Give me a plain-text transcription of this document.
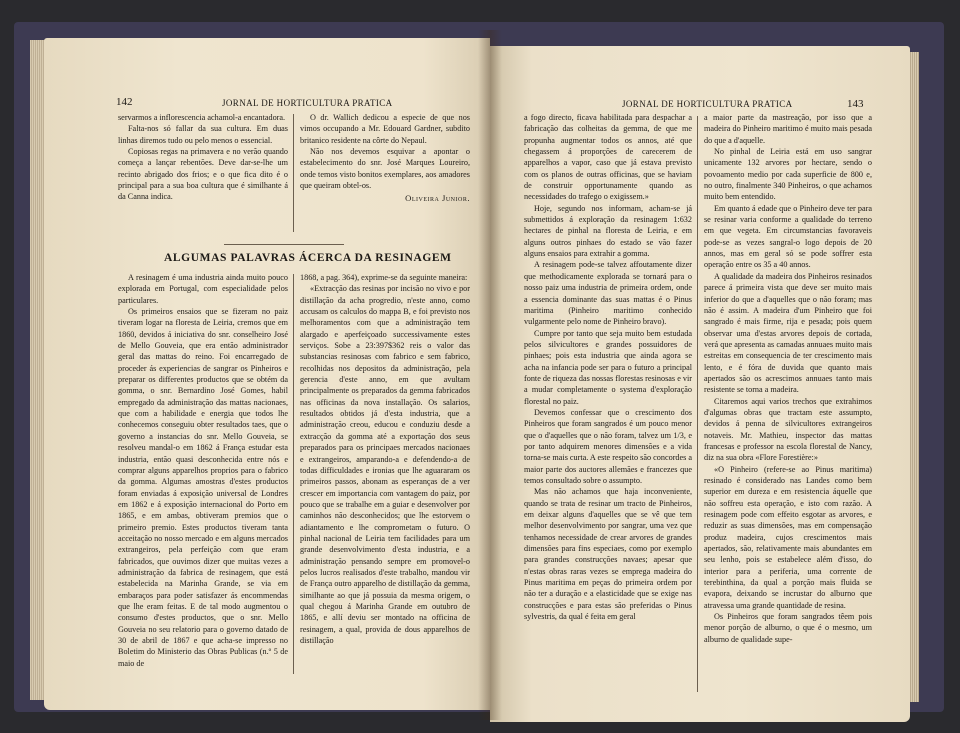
142	JORNAL DE HORTICULTURA PRATICA

servarmos a inflorescencia achamol-a encantadora.

Falta-nos só fallar da sua cultura. Em duas linhas diremos tudo ou pelo menos o essencial.

Copiosas regas na primavera e no verão quando começa a lançar rebentões. Deve dar-se-lhe um recinto abrigado dos frios; e o que fica dito é o principal para a sua boa cultura que é similhante á da Canna indica.

O dr. Wallich dedicou a especie de que nos vimos occupando a Mr. Edouard Gardner, subdito britanico residente na côrte do Nepaul.

Não nos devemos esquivar a apontar o estabelecimento do snr. José Marques Loureiro, onde temos visto bonitos exemplares, aos amadores que queiram obtel-os.

Oliveira Junior.
ALGUMAS PALAVRAS ÁCERCA DA RESINAGEM

A resinagem é uma industria ainda muito pouco explorada em Portugal, com especialidade pelos particulares.

Os primeiros ensaios que se fizeram no paiz tiveram logar na floresta de Leiria, cremos que em 1860, devidos á iniciativa do snr. conselheiro José de Mello Gouveia, que era então administrador geral das mattas do reino. Foi encarregado de proceder ás experiencias de sangrar os Pinheiros e preparar os differentes productos que se obtém da gomma, o snr. Bernardino José Gomes, habil empregado da administração das mattas nacionaes, que com a habilidade e energia que todos lhe conhecemos conseguiu obter resultados taes, que o governo a instancias do snr. Mello Gouveia, se resolveu mandal-o em 1862 á França estudar esta industria, então quasi desconhecida entre nós e comprar alguns apparelhos proprios para o fabrico da gomma. Algumas amostras d'estes productos foram enviadas á exposição universal de Londres em 1862 e á exposição internacional do Porto em 1865, e em ambas, obtiveram premios que o primeiro premio. Estes productos tiveram tanta acceitação no nosso mercado e em alguns mercados extrangeiros, pela perfeição com que eram fabricados, que ouvimos dizer que muitas vezes a administração da fabrica de resinagem, que está estabelecida na Marinha Grande, se via em embaraços para poder satisfazer ás encommendas que lhe eram feitas. E de tal modo augmentou o consumo d'estes productos, que o snr. Mello Gouveia no seu relatorio para o governo datado de 30 de abril de 1867 e que acha-se impresso no Boletim do Ministerio das Obras Publicas (n.º 5 de maio de

1868, a pag. 364), exprime-se da seguinte maneira:

«Extracção das resinas por incisão no vivo e por distillação da acha progredio, n'este anno, como accusam os calculos do mappa B, e foi previsto nos melhoramentos com que a administração tem alargado e aperfeiçoado successivamente estes serviços. Sobe a 23:397$362 reis o valor das substancias resinosas com fabrico e sem fabrico, recolhidas nos depositos da administração, pela gerencia d'este anno, em que avultam principalmente os preparados da gemma fabricados nas officinas da nova installação. Os salarios, resultados obtidos já d'esta industria, que a administração creou, educou e conduziu desde a extracção da gomma até a exportação dos seus preparados para os principaes mercados nacionaes e extrangeiros, amparando-a e defendendo-a de todas difficuldades e ironias que lhe aguararam os primeiros passos, abonam as esperanças de a ver crescer em importancia com vantagem do paiz, por pouco que se trabalhe em a guiar e desenvolver por caminhos não desconhecidos; que lhe estorvem o adiantamento e lhe comprometam o futuro. O pinhal nacional de Leiria tem facilidades para um grande desenvolvimento d'esta industria, e a administração pensando sempre em promovel-o pelos lucros realisados d'este trabalho, mandou vir de França outro apparelho de distillação da gemma, similhante ao que já possuia da mesma origem, o qual chegou á Marinha Grande em outubro de 1865, e allí deviu ser montado na officina de resinagem, a qual, provida de dous apparelhos de distillação

JORNAL DE HORTICULTURA PRATICA	143

a fogo directo, ficava habilitada para despachar a fabricação das colheitas da gemma, de que me propunha augmentar todos os annos, até que chegassem á proporções de carecerem de apparelhos a vapor, caso que já estava previsto com os planos de outras officinas, que se haviam de construir opportunamente quando as necessidades do trafego o exigissem.»

Hoje, segundo nos informam, acham-se já submettidos á exploração da resinagem 1:632 hectares de pinhal na floresta de Leiria, e em alguns outros pinhaes do estado se vão fazer alguns ensaios para extrahir a gomma.

A resinagem pode-se talvez affoutamente dizer que methodicamente explorada se tornará para o nosso paiz uma industria de primeira ordem, onde a essencia dominante das suas mattas é o Pinus maritima (Pinheiro maritimo conhecido vulgarmente pelo nome de Pinheiro bravo).

Cumpre por tanto que seja muito bem estudada pelos silvicultores e grandes possuidores de pinhaes; pois esta industria que ainda agora se acha na infancia pode ser para o futuro a principal fonte de riqueza das nossas florestas resinosas e vir a mudar completamente o systema d'exploração florestal no paiz.

Devemos confessar que o crescimento dos Pinheiros que foram sangrados é um pouco menor que o d'aquelles que o não foram, talvez um 1/3, e por tanto adquirem menores dimensões e a vida torna-se mais curta. A este respeito são concordes a maior parte dos auctores allemães e francezes que temos consultado sobre o assumpto.

Mas não achamos que haja inconveniente, quando se trata de resinar um tracto de Pinheiros, em deixar alguns d'aquelles que se vê que tem melhor desenvolvimento por sangrar, uma vez que tenhamos necessidade de crear arvores de grandes dimensões para fins especiaes, como por exemplo para grandes construcções navaes; apesar que n'estas obras raras vezes se emprega madeira do Pinus maritima em peças do primeira ordem por não ter a duração e a elasticidade que se exige nas construcções e para estas são preferidas o Pinus sylvestris, da qual é feita em geral

a maior parte da mastreação, por isso que a madeira do Pinheiro maritimo é muito mais pesada do que a d'aquelle.

No pinhal de Leiria está em uso sangrar unicamente 132 arvores por hectare, sendo o povoamento medio por cada superficie de 800 e, no outro, finalmente 340 Pinheiros, o que achamos muito bem entendido.

Em quanto á edade que o Pinheiro deve ter para se resinar varia conforme a qualidade do terreno em que vegeta. Em circumstancias favoraveis pode-se as vezes sangral-o logo depois de 20 annos, mas em geral só se pode soffrer esta operação entre os 35 a 40 annos.

A qualidade da madeira dos Pinheiros resinados parece á primeira vista que deve ser muito mais inferior do que a d'aquelles que o não foram; mas não é assim. A madeira d'um Pinheiro que foi sangrado é mais firme, rija e pesada; pois quem observar uma d'estas arvores depois de cortada, verá que apresenta as camadas annuaes muito mais estreitas em consequencia de ter crescimento mais lento, e é fóra de duvida que quanto mais apertados são os acrescimos annuaes tanto mais resistente se torna a madeira.

Citaremos aqui varios trechos que extrahimos d'algumas obras que tractam este assumpto, devidos á penna de silvicultores extrangeiros notaveis. Mr. Mathieu, inspector das mattas francesas e professor na escola florestal de Nancy, diz na sua obra «Flore Forestière:»

«O Pinheiro (refere-se ao Pinus maritima) resinado é considerado nas Landes como bem superior em dureza e em resistencia áquelle que não soffreu esta operação, e isto com razão. A resinagem pode com effeito esgotar as arvores, e reduzir as suas dimensões, mas em compensação produz madeira, cujos crescimentos mais apertados, são, relativamente mais abundantes em seu lenho, pois se estabelece além d'isso, do interior para a periferia, uma corrente de terebinthina, da qual a porção mais fluida se evapora, deixando se incrustar do alburno que atravessa uma grande quantidade de resina.

Os Pinheiros que foram sangrados têem pois menor porção de alburno, o que é o mesmo, um alburno de qualidade supe-
